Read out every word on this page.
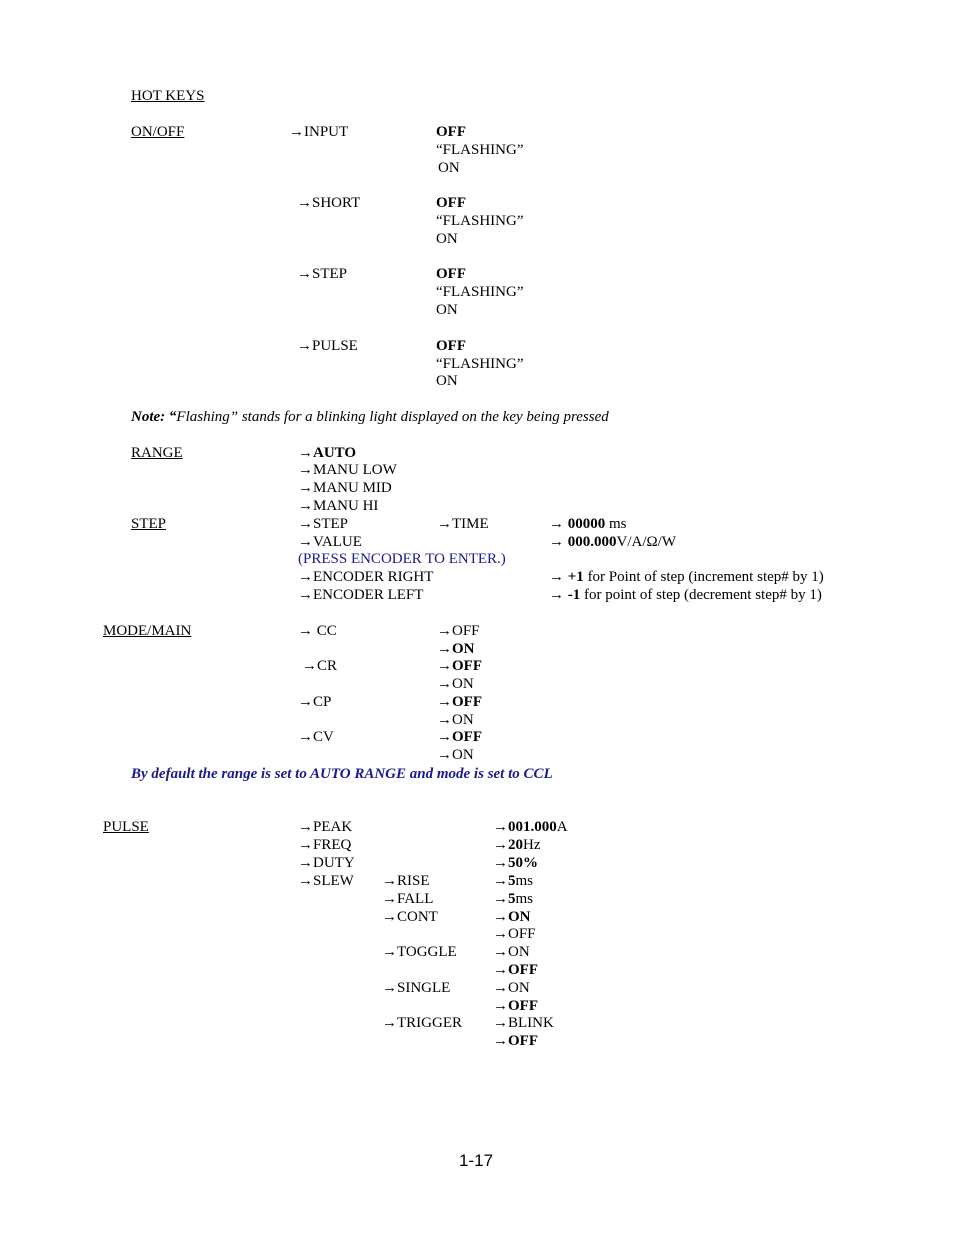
HOT KEYS
ON/OFF	→INPUT	OFF
“FLASHING”
ON
→SHORT	OFF
“FLASHING”
ON
→STEP	OFF
“FLASHING”
ON
→PULSE	OFF
“FLASHING”
ON
Note: “Flashing” stands for a blinking light displayed on the key being pressed
RANGE	→AUTO
→MANU LOW
→MANU MID
→MANU HI
STEP	→STEP	→TIME	→ 00000 ms
→VALUE	→ 000.000V/A/Ω/W
(PRESS ENCODER TO ENTER.)
→ENCODER RIGHT	→ +1 for Point of step (increment step# by 1)
→ENCODER LEFT	→ -1 for point of step (decrement step# by 1)
MODE/MAIN	→ CC	→OFF
→ON
→CR	→OFF
→ON
→CP	→OFF
→ON
→CV	→OFF
→ON
By default the range is set to AUTO RANGE and mode is set to CCL
PULSE	→PEAK	→001.000A
→FREQ	→20Hz
→DUTY	→50%
→SLEW →RISE	→5ms
→FALL	→5ms
→CONT	→ON
→OFF
→TOGGLE →ON
→OFF
→SINGLE	→ON
→OFF
→TRIGGER →BLINK
→OFF
1-17
